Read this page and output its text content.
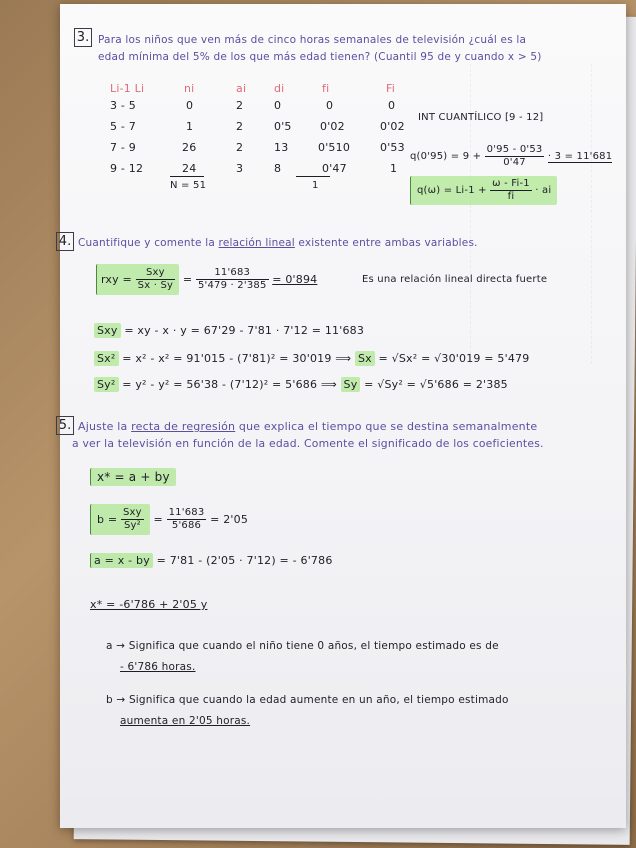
3. Para los niños que ven más de cinco horas semanales de televisión ¿cuál es la
edad mínima del 5% de los que más edad tienen? (Cuantil 95 de y cuando x > 5)
Li-1 Li	ni	ai	di	fi	Fi
3 - 5	0	2	0	0	0
5 - 7	1	2	0'5	0'02	0'02
7 - 9	26	2	13	0'510	0'53
9 - 12	24	3	8	0'47	1
N = 51	1
INT CUANTÍLICO [9 - 12]
$q(0'95) = 9 + \frac{0'95 - 0'53}{0'47} \cdot 3 = 11'681$
$q(\omega) = Li-1 + \frac{\omega - Fi-1}{fi}$ · ai
4. Cuantifique y comente la relación lineal existente entre ambas variables.
rxy = $\frac{\text{Sxy}}{Sx \cdot Sy} = \frac{11'683}{5'479 \cdot 2'385} = 0'894$	Es una relación lineal directa fuerte
Sxy = xy - x · y = 67'29 - 7'81 · 7'12 = 11'683
Sx² = x² - x² = 91'015 - (7'81)² = 30'019 ⟹ Sx = √Sx² = √30'019 = 5'479
Sy² = y² - y² = 56'38 - (7'12)² = 5'686 ⟹ Sy = √Sy² = √5'686 = 2'385
5. Ajuste la recta de regresión que explica el tiempo que se destina semanalmente
a ver la televisión en función de la edad. Comente el significado de los coeficientes.
x* = a + by
$b = \frac{\text{Sxy}}{\text{Sy²}} = \frac{11'683}{5'686} = 2'05$
a = x - by = 7'81 - (2'05 · 7'12) = - 6'786
x* = -6'786 + 2'05 y
a → Significa que cuando el niño tiene 0 años, el tiempo estimado es de
- 6'786 horas.
b → Significa que cuando la edad aumente en un año, el tiempo estimado
aumenta en 2'05 horas.
